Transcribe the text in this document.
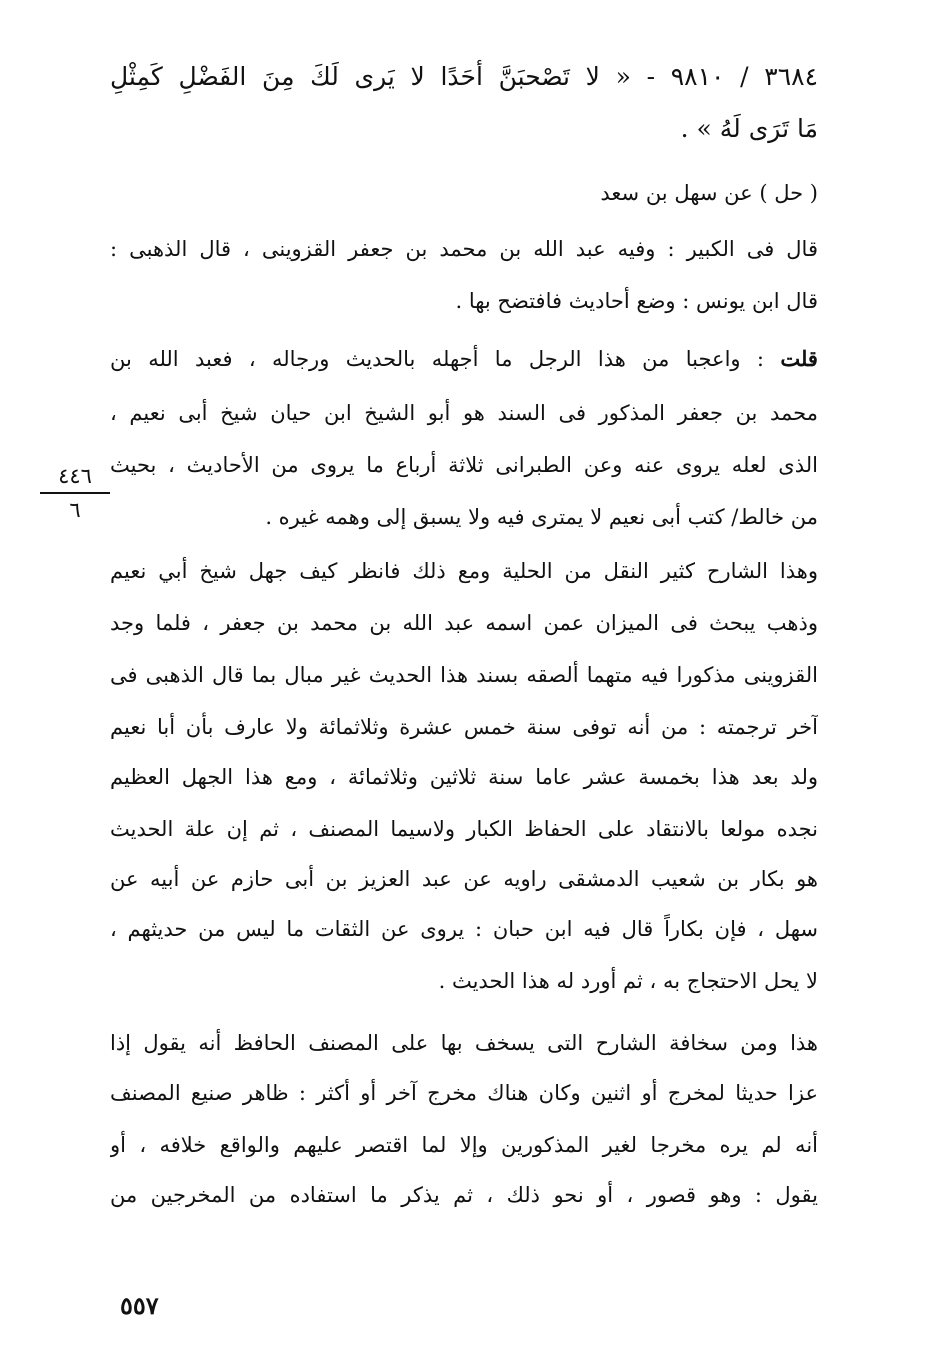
٣٦٨٤ / ٩٨١٠ - « لا تَصْحبَنَّ أحَدًا لا يَرى لَكَ مِنَ الفَضْلِ كَمِثْلِ
مَا تَرَى لَهُ » .
( حل ) عن سهل بن سعد
قال فى الكبير : وفيه عبد الله بن محمد بن جعفر القزوينى ، قال الذهبى :
قال ابن يونس : وضع أحاديث فافتضح بها .
قلت : واعجبا من هذا الرجل ما أجهله بالحديث ورجاله ، فعبد الله بن
محمد بن جعفر المذكور فى السند هو أبو الشيخ ابن حيان شيخ أبى نعيم ،
الذى لعله يروى عنه وعن الطبرانى ثلاثة أرباع ما يروى من الأحاديث ، بحيث
من خالط/ كتب أبى نعيم لا يمترى فيه ولا يسبق إلى وهمه غيره .
٤٤٦
٦
وهذا الشارح كثير النقل من الحلية ومع ذلك فانظر كيف جهل شيخ أبي نعيم
وذهب يبحث فى الميزان عمن اسمه عبد الله بن محمد بن جعفر ، فلما وجد
القزوينى مذكورا فيه متهما ألصقه بسند هذا الحديث غير مبال بما قال الذهبى فى
آخر ترجمته : من أنه توفى سنة خمس عشرة وثلاثمائة ولا عارف بأن أبا نعيم
ولد بعد هذا بخمسة عشر عاما سنة ثلاثين وثلاثمائة ، ومع هذا الجهل العظيم
نجده مولعا بالانتقاد على الحفاظ الكبار ولاسيما المصنف ، ثم إن علة الحديث
هو بكار بن شعيب الدمشقى راويه عن عبد العزيز بن أبى حازم عن أبيه عن
سهل ، فإن بكاراً قال فيه ابن حبان : يروى عن الثقات ما ليس من حديثهم ،
لا يحل الاحتجاج به ، ثم أورد له هذا الحديث .
هذا ومن سخافة الشارح التى يسخف بها على المصنف الحافظ أنه يقول إذا
عزا حديثا لمخرج أو اثنين وكان هناك مخرج آخر أو أكثر : ظاهر صنيع المصنف
أنه لم يره مخرجا لغير المذكورين وإلا لما اقتصر عليهم والواقع خلافه ، أو
يقول : وهو قصور ، أو نحو ذلك ، ثم يذكر ما استفاده من المخرجين من
٥٥٧
